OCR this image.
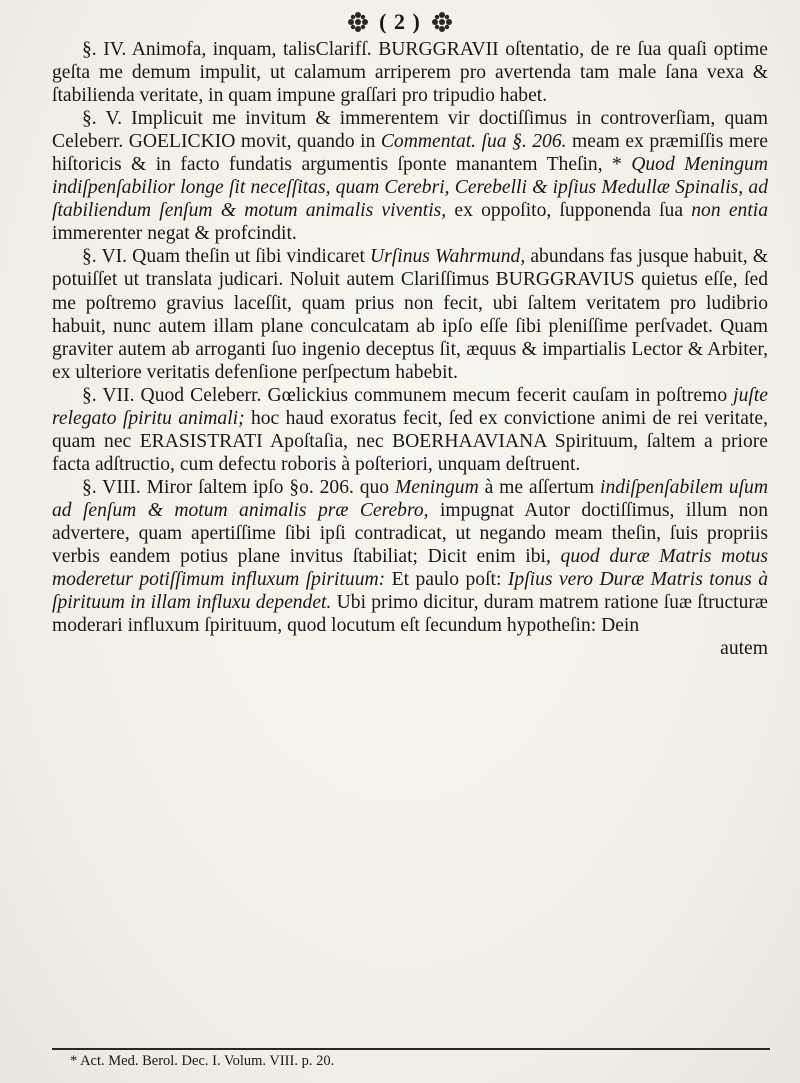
( 2 )

§. IV. Animofa, inquam, talisClarifſ. BURGGRAVII oſtentatio, de re ſua quaſi optime geſta me demum impulit, ut calamum arriperem pro avertenda tam male ſana vexa & ſtabilienda veritate, in quam impune graſſari pro tripudio habet.

§. V. Implicuit me invitum & immerentem vir doctiſſimus in controverſiam, quam Celeberr. GOELICKIO movit, quando in Commentat. ſua §. 206. meam ex præmiſſis mere hiſtoricis & in facto fundatis argumentis ſponte manantem Theſin, * Quod Meningum indiſpenſabilior longe ſit neceſſitas, quam Cerebri, Cerebelli & ipſius Medullæ Spinalis, ad ſtabiliendum ſenſum & motum animalis viventis, ex oppoſito, ſupponenda ſua non entia immerenter negat & profcindit.

§. VI. Quam theſin ut ſibi vindicaret Urſinus Wahrmund, abundans fas jusque habuit, & potuiſſet ut translata judicari. Noluit autem Clariſſimus BURGGRAVIUS quietus eſſe, ſed me poſtremo gravius laceſſit, quam prius non fecit, ubi ſaltem veritatem pro ludibrio habuit, nunc autem illam plane conculcatam ab ipſo eſſe ſibi pleniſſime perſvadet. Quam graviter autem ab arroganti ſuo ingenio deceptus ſit, æquus & impartialis Lector & Arbiter, ex ulteriore veritatis defenſione perſpectum habebit.

§. VII. Quod Celeberr. Gœlickius communem mecum fecerit cauſam in poſtremo juſte relegato ſpiritu animali; hoc haud exoratus fecit, ſed ex convictione animi de rei veritate, quam nec ERASISTRATI Apoſtaſia, nec BOERHAAVIANA Spirituum, ſaltem a priore facta adſtructio, cum defectu roboris à poſteriori, unquam deſtruent.

§. VIII. Miror ſaltem ipſo §o. 206. quo Meningum à me aſſertum indiſpenſabilem uſum ad ſenſum & motum animalis præ Cerebro, impugnat Autor doctiſſimus, illum non advertere, quam apertiſſime ſibi ipſi contradicat, ut negando meam theſin, ſuis propriis verbis eandem potius plane invitus ſtabiliat; Dicit enim ibi, quod duræ Matris motus moderetur potiſſimum influxum ſpirituum: Et paulo poſt: Ipſius vero Duræ Matris tonus à ſpirituum in illam influxu dependet. Ubi primo dicitur, duram matrem ratione ſuæ ſtructuræ moderari influxum ſpirituum, quod locutum eſt ſecundum hypotheſin: Dein

autem
* Act. Med. Berol. Dec. I. Volum. VIII. p. 20.
